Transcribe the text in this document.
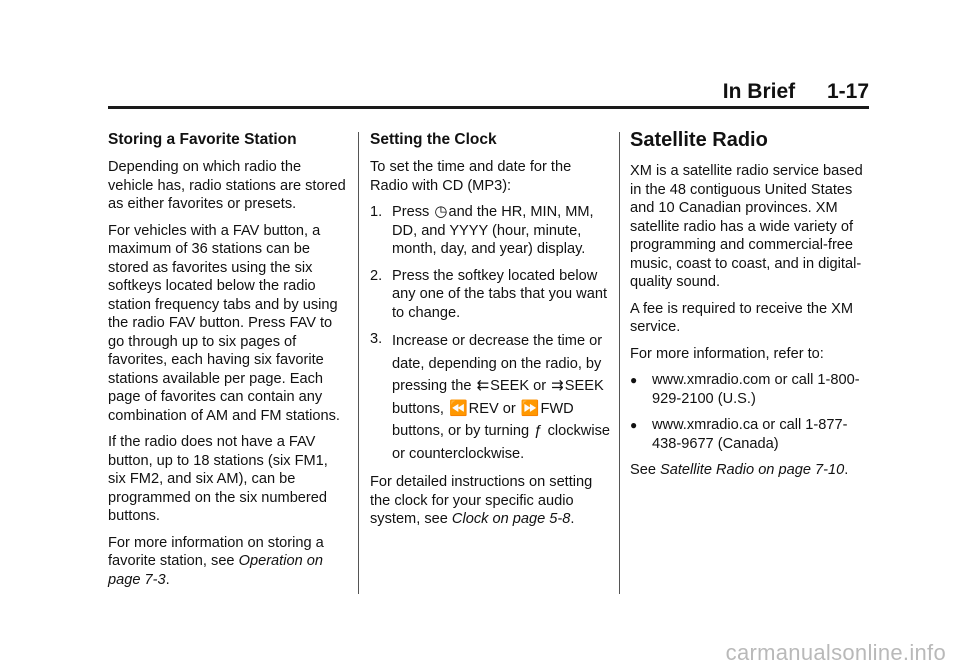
In Brief 1-17
Storing a Favorite Station

Depending on which radio the vehicle has, radio stations are stored as either favorites or presets.

For vehicles with a FAV button, a maximum of 36 stations can be stored as favorites using the six softkeys located below the radio station frequency tabs and by using the radio FAV button. Press FAV to go through up to six pages of favorites, each having six favorite stations available per page. Each page of favorites can contain any combination of AM and FM stations.

If the radio does not have a FAV button, up to 18 stations (six FM1, six FM2, and six AM), can be programmed on the six numbered buttons.

For more information on storing a favorite station, see Operation on page 7-3.

Setting the Clock

To set the time and date for the Radio with CD (MP3):

1. Press ◷and the HR, MIN, MM, DD, and YYYY (hour, minute, month, day, and year) display.
2. Press the softkey located below any one of the tabs that you want to change.
3. Increase or decrease the time or date, depending on the radio, by pressing the ⇇SEEK or ⇉SEEK buttons, ⏪REV or ⏩FWD buttons, or by turning ƒ clockwise or counterclockwise.

For detailed instructions on setting the clock for your specific audio system, see Clock on page 5-8.

Satellite Radio

XM is a satellite radio service based in the 48 contiguous United States and 10 Canadian provinces. XM satellite radio has a wide variety of programming and commercial-free music, coast to coast, and in digital-quality sound.

A fee is required to receive the XM service.

For more information, refer to:

●	www.xmradio.com or call 1-800-929-2100 (U.S.)
●	www.xmradio.ca or call 1-877-438-9677 (Canada)

See Satellite Radio on page 7-10.

carmanualsonline.info
